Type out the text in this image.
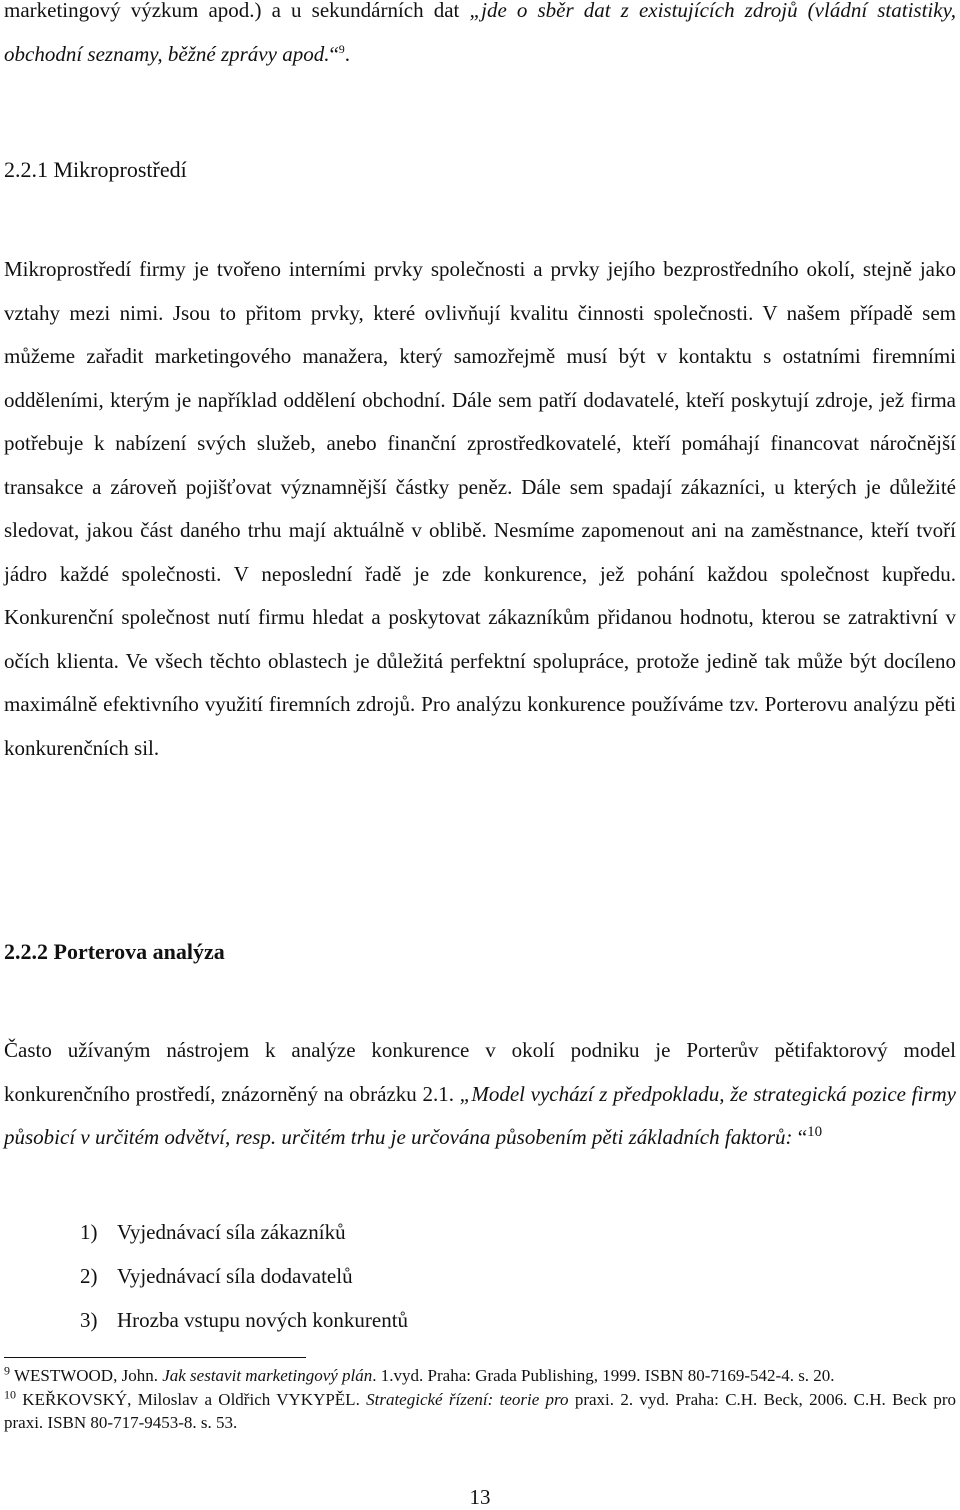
marketingový výzkum apod.) a u sekundárních dat „jde o sběr dat z existujících zdrojů (vládní statistiky, obchodní seznamy, běžné zprávy apod.“$^9$.

2.2.1 Mikroprostředí

Mikroprostředí firmy je tvořeno interními prvky společnosti a prvky jejího bezprostředního okolí, stejně jako vztahy mezi nimi. Jsou to přitom prvky, které ovlivňují kvalitu činnosti společnosti. V našem případě sem můžeme zařadit marketingového manažera, který samozřejmě musí být v kontaktu s ostatními firemními odděleními, kterým je například oddělení obchodní. Dále sem patří dodavatelé, kteří poskytují zdroje, jež firma potřebuje k nabízení svých služeb, anebo finanční zprostředkovatelé, kteří pomáhají financovat náročnější transakce a zároveň pojišťovat významnější částky peněz. Dále sem spadají zákazníci, u kterých je důležité sledovat, jakou část daného trhu mají aktuálně v oblibě. Nesmíme zapomenout ani na zaměstnance, kteří tvoří jádro každé společnosti. V neposlední řadě je zde konkurence, jež pohání každou společnost kupředu. Konkurenční společnost nutí firmu hledat a poskytovat zákazníkům přidanou hodnotu, kterou se zatraktivní v očích klienta. Ve všech těchto oblastech je důležitá perfektní spolupráce, protože jedině tak může být docíleno maximálně efektivního využití firemních zdrojů. Pro analýzu konkurence používáme tzv. Porterovu analýzu pěti konkurenčních sil.

2.2.2 Porterova analýza

Často užívaným nástrojem k analýze konkurence v okolí podniku je Porterův pětifaktorový model konkurenčního prostředí, znázorněný na obrázku 2.1. „Model vychází z předpokladu, že strategická pozice firmy působicí v určitém odvětví, resp. určitém trhu je určována působením pěti základních faktorů: “$^{10}$

1) Vyjednávací síla zákazníků
2) Vyjednávací síla dodavatelů
3) Hrozba vstupu nových konkurentů

$^9$ WESTWOOD, John. Jak sestavit marketingový plán. 1.vyd. Praha: Grada Publishing, 1999. ISBN 80-7169-542-4. s. 20.

$^{10}$ KEŘKOVSKÝ, Miloslav a Oldřich VYKYPĚL. Strategické řízení: teorie pro praxi. 2. vyd. Praha: C.H. Beck, 2006. C.H. Beck pro praxi. ISBN 80-717-9453-8. s. 53.

13
